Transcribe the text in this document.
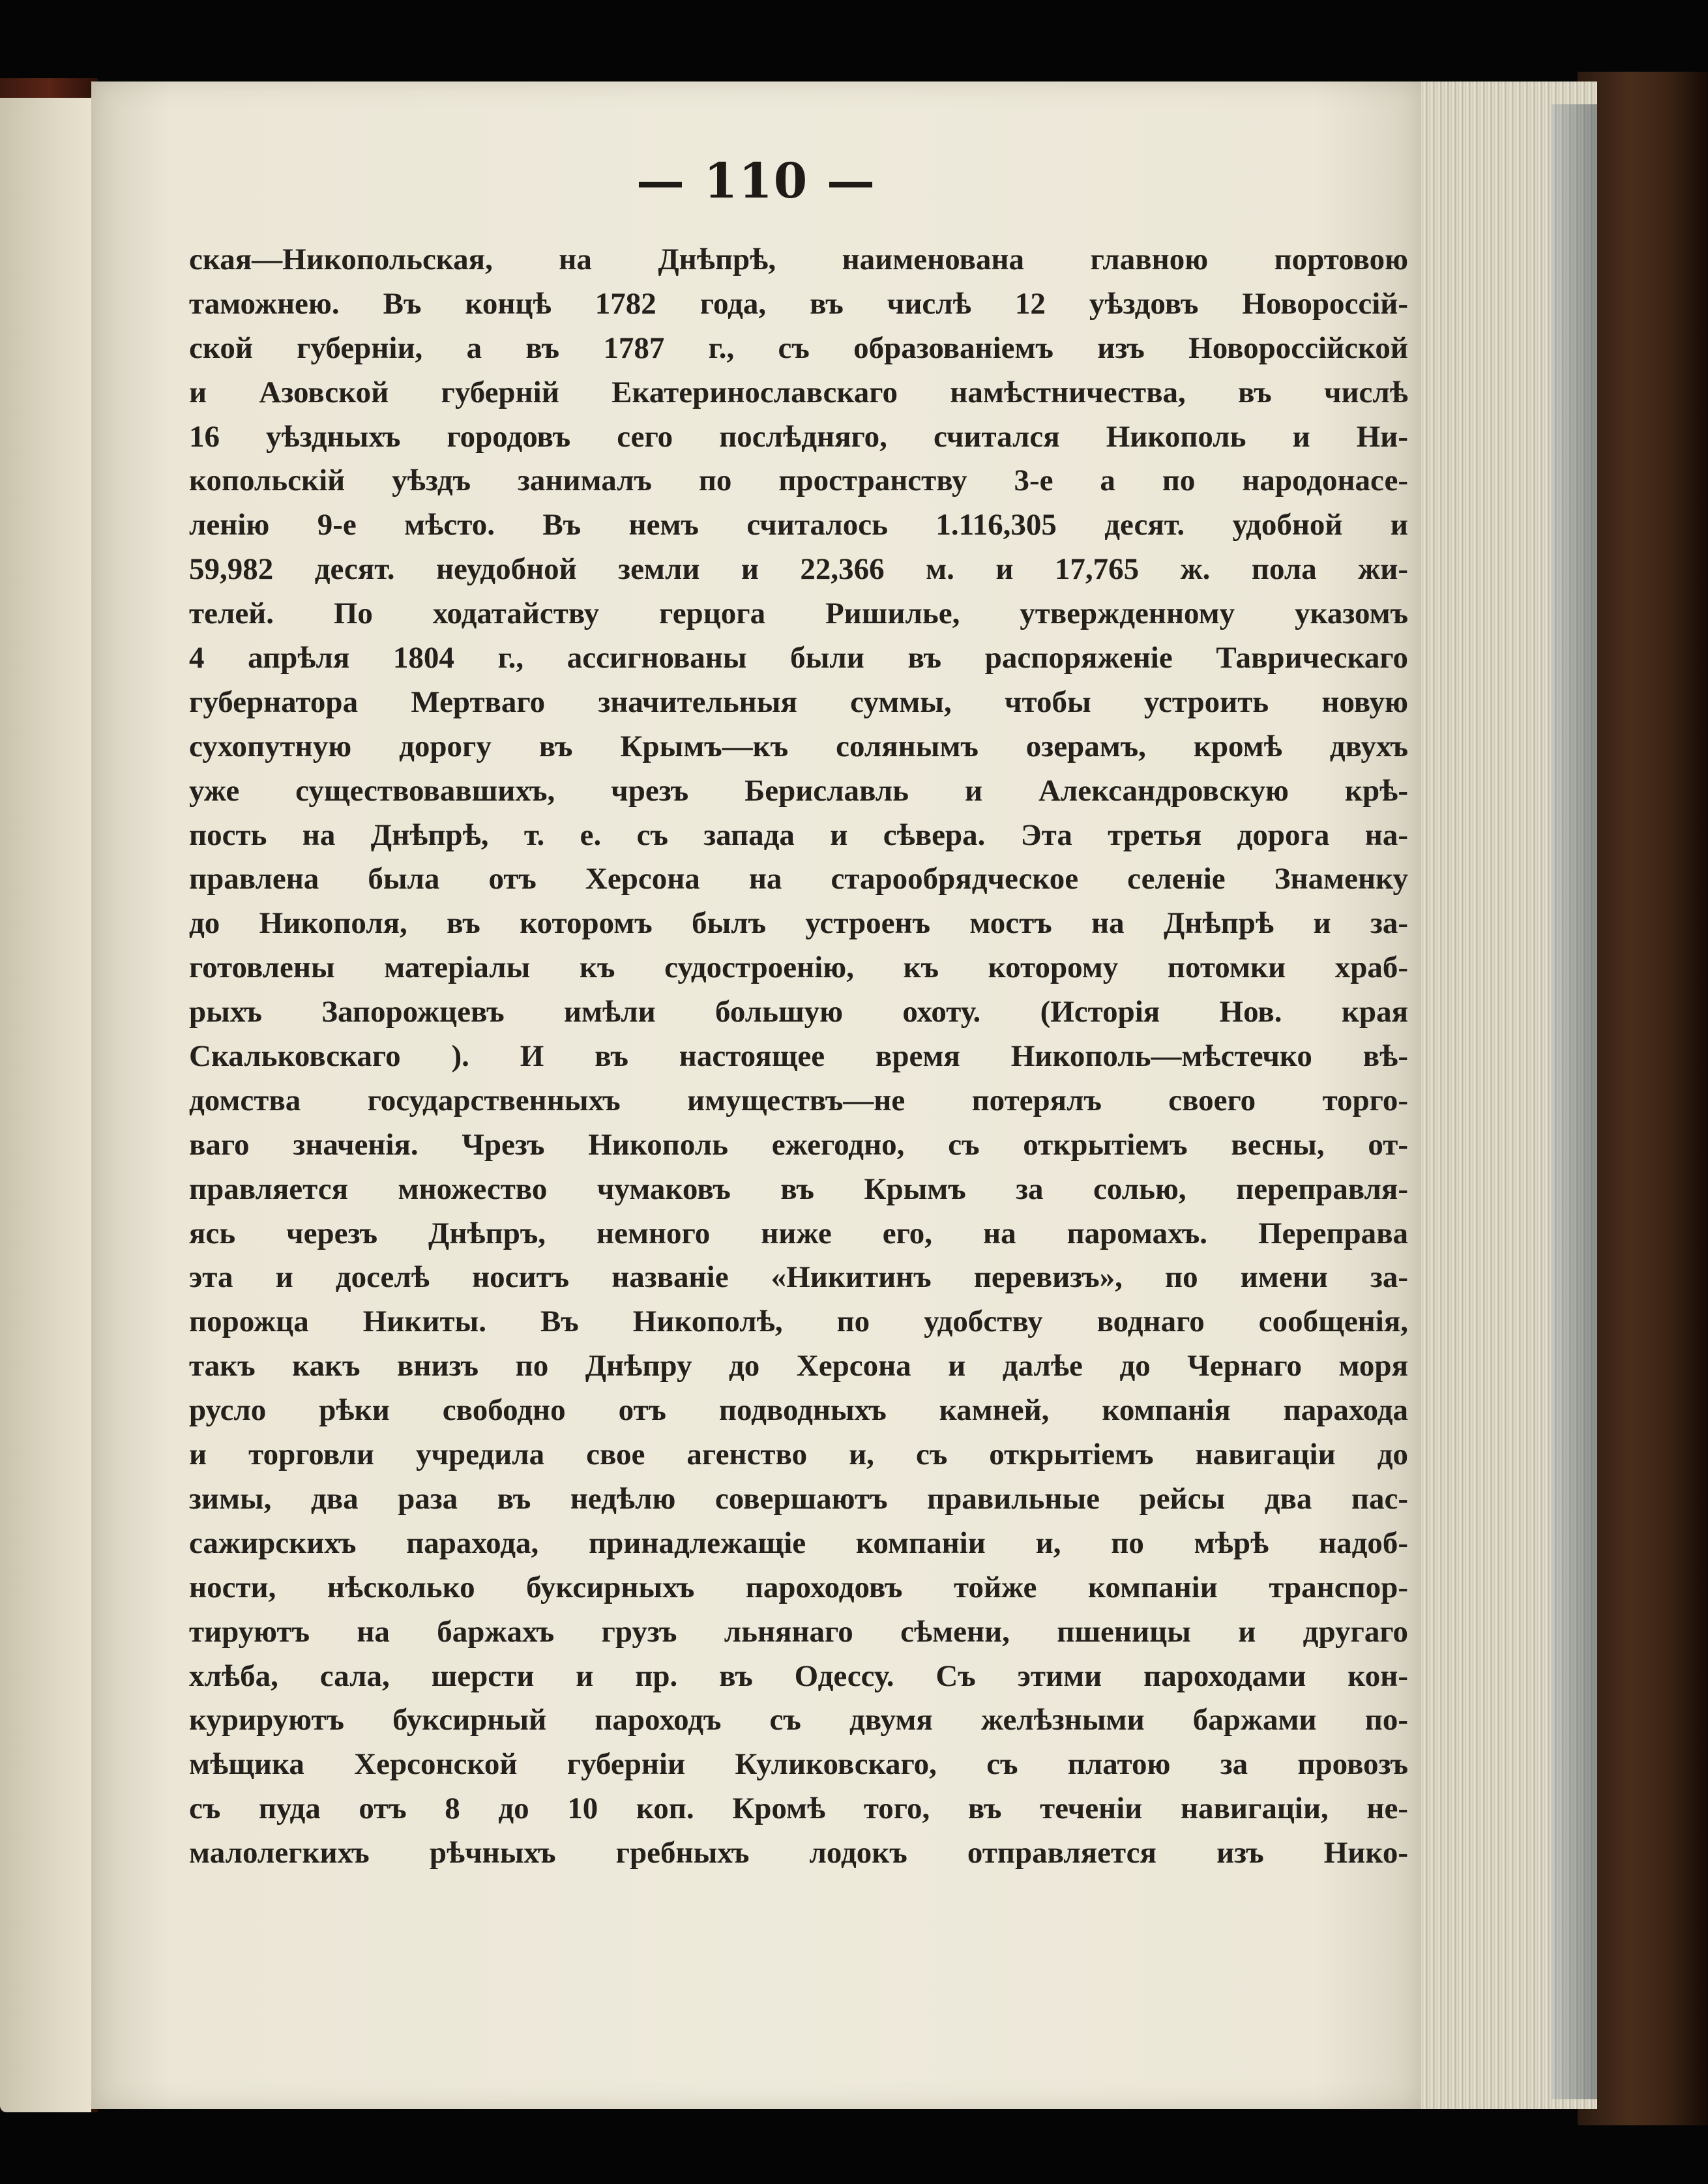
— 110 —
ская—Никопольская, на Днѣпрѣ, наименована главною портовою
таможнею. Въ концѣ 1782 года, въ числѣ 12 уѣздовъ Новороссій-
ской губерніи, а въ 1787 г., съ образованіемъ изъ Новороссійской
и Азовской губерній Екатеринославскаго намѣстничества, въ числѣ
16 уѣздныхъ городовъ сего послѣдняго, считался Никополь и Ни-
копольскій уѣздъ занималъ по пространству 3-е а по народонасе-
ленію 9-е мѣсто. Въ немъ считалось 1.116,305 десят. удобной и
59,982 десят. неудобной земли и 22,366 м. и 17,765 ж. пола жи-
телей. По ходатайству герцога Ришилье, утвержденному указомъ
4 апрѣля 1804 г., ассигнованы были въ распоряженіе Таврическаго
губернатора Мертваго значительныя суммы, чтобы устроить новую
сухопутную дорогу въ Крымъ—къ солянымъ озерамъ, кромѣ двухъ
уже существовавшихъ, чрезъ Бериславль и Александровскую крѣ-
пость на Днѣпрѣ, т. е. съ запада и сѣвера. Эта третья дорога на-
правлена была отъ Херсона на старообрядческое селеніе Знаменку
до Никополя, въ которомъ былъ устроенъ мостъ на Днѣпрѣ и за-
готовлены матеріалы къ судостроенію, къ которому потомки храб-
рыхъ Запорожцевъ имѣли большую охоту. (Исторія Нов. края
Скальковскаго ). И въ настоящее время Никополь—мѣстечко вѣ-
домства государственныхъ имуществъ—не потерялъ своего торго-
ваго значенія. Чрезъ Никополь ежегодно, съ открытіемъ весны, от-
правляется множество чумаковъ въ Крымъ за солью, переправля-
ясь черезъ Днѣпръ, немного ниже его, на паромахъ. Переправа
эта и доселѣ носитъ названіе «Никитинъ перевизъ», по имени за-
порожца Никиты. Въ Никополѣ, по удобству воднаго сообщенія,
такъ какъ внизъ по Днѣпру до Херсона и далѣе до Чернаго моря
русло рѣки свободно отъ подводныхъ камней, компанія парахода
и торговли учредила свое агенство и, съ открытіемъ навигаціи до
зимы, два раза въ недѣлю совершаютъ правильные рейсы два пас-
сажирскихъ парахода, принадлежащіе компаніи и, по мѣрѣ надоб-
ности, нѣсколько буксирныхъ пароходовъ тойже компаніи транспор-
тируютъ на баржахъ грузъ льнянаго сѣмени, пшеницы и другаго
хлѣба, сала, шерсти и пр. въ Одессу. Съ этими пароходами кон-
курируютъ буксирный пароходъ съ двумя желѣзными баржами по-
мѣщика Херсонской губерніи Куликовскаго, съ платою за провозъ
съ пуда отъ 8 до 10 коп. Кромѣ того, въ теченіи навигаціи, не-
малолегкихъ рѣчныхъ гребныхъ лодокъ отправляется изъ Нико-
